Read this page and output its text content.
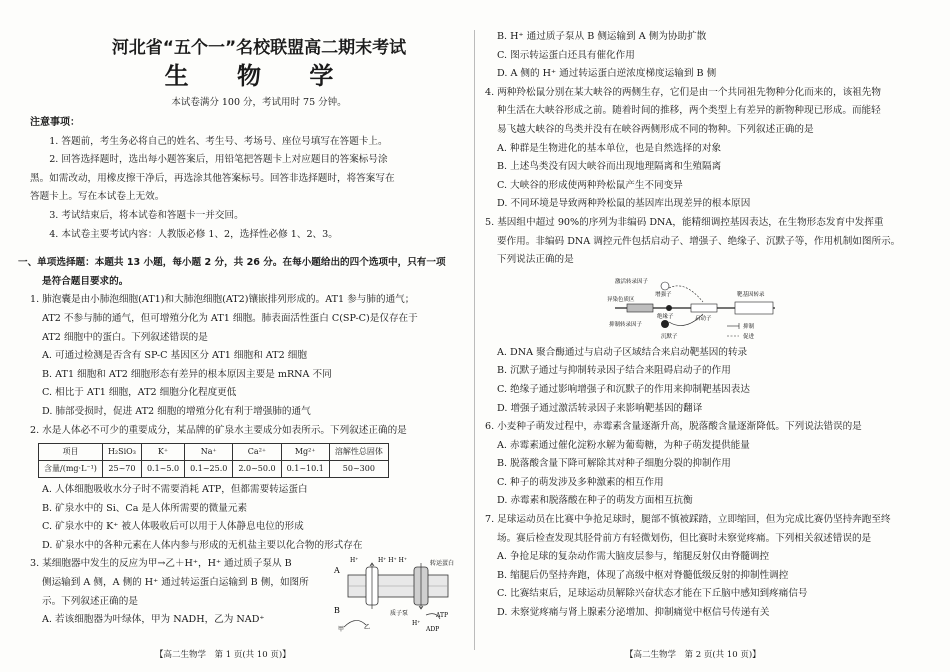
河北省“五个一”名校联盟高二期末考试
生 物 学
本试卷满分 100 分，考试用时 75 分钟。
注意事项：
1. 答题前，考生务必将自己的姓名、考生号、考场号、座位号填写在答题卡上。
2. 回答选择题时，选出每小题答案后，用铅笔把答题卡上对应题目的答案标号涂
黑。如需改动，用橡皮擦干净后，再选涂其他答案标号。回答非选择题时，将答案写在
答题卡上。写在本试卷上无效。
3. 考试结束后，将本试卷和答题卡一并交回。
4. 本试卷主要考试内容：人教版必修 1、2，选择性必修 1、2、3。
一、单项选择题：本题共 13 小题，每小题 2 分，共 26 分。在每小题给出的四个选项中，只有一项
是符合题目要求的。
1. 肺泡囊是由小肺泡细胞(AT1)和大肺泡细胞(AT2)镶嵌排列形成的。AT1 参与肺的通气；
AT2 不参与肺的通气，但可增殖分化为 AT1 细胞。肺表面活性蛋白 C(SP-C)是仅存在于
AT2 细胞中的蛋白。下列叙述错误的是
A. 可通过检测是否含有 SP-C 基因区分 AT1 细胞和 AT2 细胞
B. AT1 细胞和 AT2 细胞形态有差异的根本原因主要是 mRNA 不同
C. 相比于 AT1 细胞，AT2 细胞分化程度更低
D. 肺部受损时，促进 AT2 细胞的增殖分化有利于增强肺的通气
2. 水是人体必不可少的重要成分，某品牌的矿泉水主要成分如表所示。下列叙述正确的是
项目	H₂SiO₃	K⁺	Na⁺	Ca²⁺	Mg²⁺	溶解性总固体
含量/(mg·L⁻¹)	25~70	0.1~5.0	0.1~25.0	2.0~50.0	0.1~10.1	50~300
A. 人体细胞吸收水分子时不需要消耗 ATP，但都需要转运蛋白
B. 矿泉水中的 Si、Ca 是人体所需要的微量元素
C. 矿泉水中的 K⁺ 被人体吸收后可以用于人体静息电位的形成
D. 矿泉水中的各种元素在人体内参与形成的无机盐主要以化合物的形式存在
3. 某细胞器中发生的反应为甲→乙＋H⁺，H⁺ 通过质子泵从 B
侧运输到 A 侧，A 侧的 H⁺ 通过转运蛋白运输到 B 侧，如图所
示。下列叙述正确的是
A. 若该细胞器为叶绿体，甲为 NADH，乙为 NAD⁺
A
B
H⁺	H⁺ H⁺ H⁺	转运蛋白
质子泵
H⁺
ATP
ADP
甲	乙
B. H⁺ 通过质子泵从 B 侧运输到 A 侧为协助扩散
C. 图示转运蛋白还具有催化作用
D. A 侧的 H⁺ 通过转运蛋白逆浓度梯度运输到 B 侧
4. 两种羚松鼠分别在某大峡谷的两侧生存，它们是由一个共同祖先物种分化而来的，该祖先物
种生活在大峡谷形成之前。随着时间的推移，两个类型上有差异的新物种现已形成。而能轻
易飞越大峡谷的鸟类并没有在峡谷两侧形成不同的物种。下列叙述正确的是
A. 种群是生物进化的基本单位，也是自然选择的对象
B. 上述鸟类没有因大峡谷而出现地理隔离和生殖隔离
C. 大峡谷的形成使两种羚松鼠产生不同变异
D. 不同环境是导致两种羚松鼠的基因库出现差异的根本原因
5. 基因组中超过 90%的序列为非编码 DNA，能精细调控基因表达，在生物形态发育中发挥重
要作用。非编码 DNA 调控元件包括启动子、增强子、绝缘子、沉默子等，作用机制如图所示。
下列说法正确的是
激活转录因子
增强子
异染色质区
绝缘子
抑制转录因子
沉默子
靶基因转录
启动子
抑制
促进
A. DNA 聚合酶通过与启动子区域结合来启动靶基因的转录
B. 沉默子通过与抑制转录因子结合来阻碍启动子的作用
C. 绝缘子通过影响增强子和沉默子的作用来抑制靶基因表达
D. 增强子通过激活转录因子来影响靶基因的翻译
6. 小麦种子萌发过程中，赤霉素含量逐渐升高，脱落酸含量逐渐降低。下列说法错误的是
A. 赤霉素通过催化淀粉水解为葡萄糖，为种子萌发提供能量
B. 脱落酸含量下降可解除其对种子细胞分裂的抑制作用
C. 种子的萌发涉及多种激素的相互作用
D. 赤霉素和脱落酸在种子的萌发方面相互抗衡
7. 足球运动员在比赛中争抢足球时，腿部不慎被踩踏，立即缩回，但为完成比赛仍坚持奔跑至终
场。赛后检查发现其胫骨前方有轻微划伤，但比赛时未察觉疼痛。下列相关叙述错误的是
A. 争抢足球的复杂动作需大脑皮层参与，缩腿反射仅由脊髓调控
B. 缩腿后仍坚持奔跑，体现了高级中枢对脊髓低级反射的抑制性调控
C. 比赛结束后，足球运动员解除兴奋状态才能在下丘脑中感知到疼痛信号
D. 未察觉疼痛与肾上腺素分泌增加、抑制痛觉中枢信号传递有关
【高二生物学　第 1 页(共 10 页)】	【高二生物学　第 2 页(共 10 页)】
